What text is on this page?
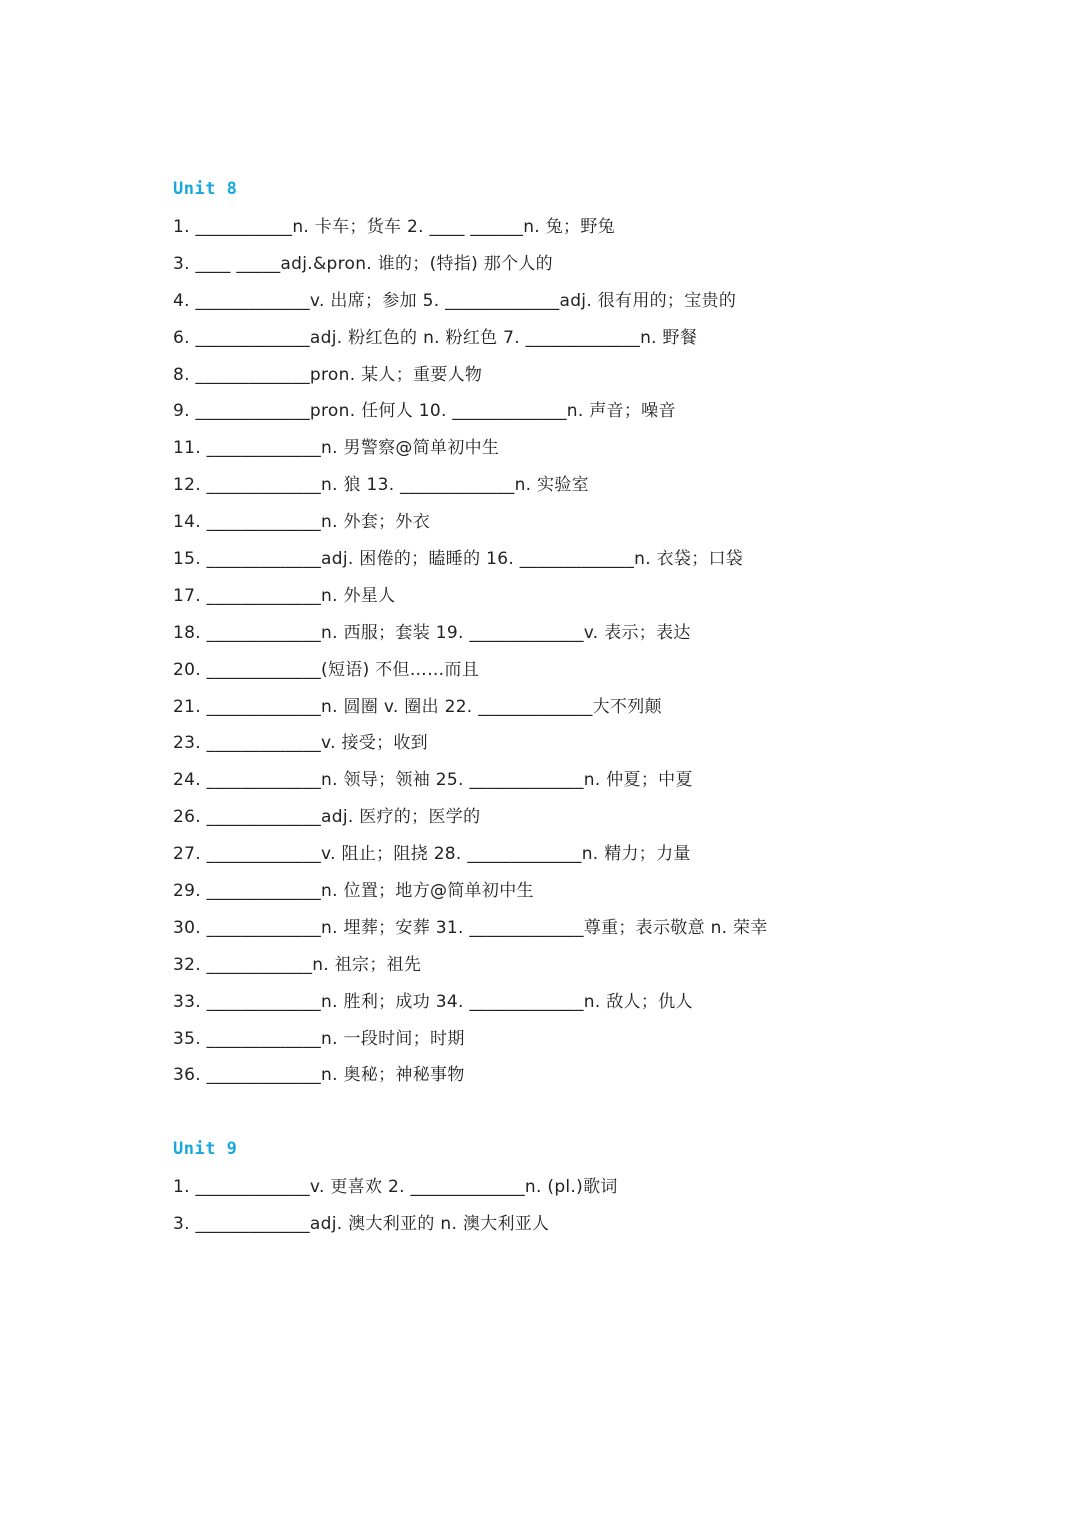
Unit 8
1. ___________n. 卡车；货车 2. ____ ______n. 兔；野兔
3. ____ _____adj.&pron. 谁的；(特指) 那个人的
4. _____________v. 出席；参加 5. _____________adj. 很有用的；宝贵的
6. _____________adj. 粉红色的 n. 粉红色 7. _____________n. 野餐
8. _____________pron. 某人；重要人物
9. _____________pron. 任何人 10. _____________n. 声音；噪音
11. _____________n. 男警察@简单初中生
12. _____________n. 狼 13. _____________n. 实验室
14. _____________n. 外套；外衣
15. _____________adj. 困倦的；瞌睡的 16. _____________n. 衣袋；口袋
17. _____________n. 外星人
18. _____________n. 西服；套装 19. _____________v. 表示；表达
20. _____________(短语) 不但……而且
21. _____________n. 圆圈 v. 圈出 22. _____________大不列颠
23. _____________v. 接受；收到
24. _____________n. 领导；领袖 25. _____________n. 仲夏；中夏
26. _____________adj. 医疗的；医学的
27. _____________v. 阻止；阻挠 28. _____________n. 精力；力量
29. _____________n. 位置；地方@简单初中生
30. _____________n. 埋葬；安葬 31. _____________尊重；表示敬意 n. 荣幸
32. ____________n. 祖宗；祖先
33. _____________n. 胜利；成功 34. _____________n. 敌人；仇人
35. _____________n. 一段时间；时期
36. _____________n. 奥秘；神秘事物
Unit 9
1. _____________v. 更喜欢 2. _____________n. (pl.)歌词
3. _____________adj. 澳大利亚的 n. 澳大利亚人
